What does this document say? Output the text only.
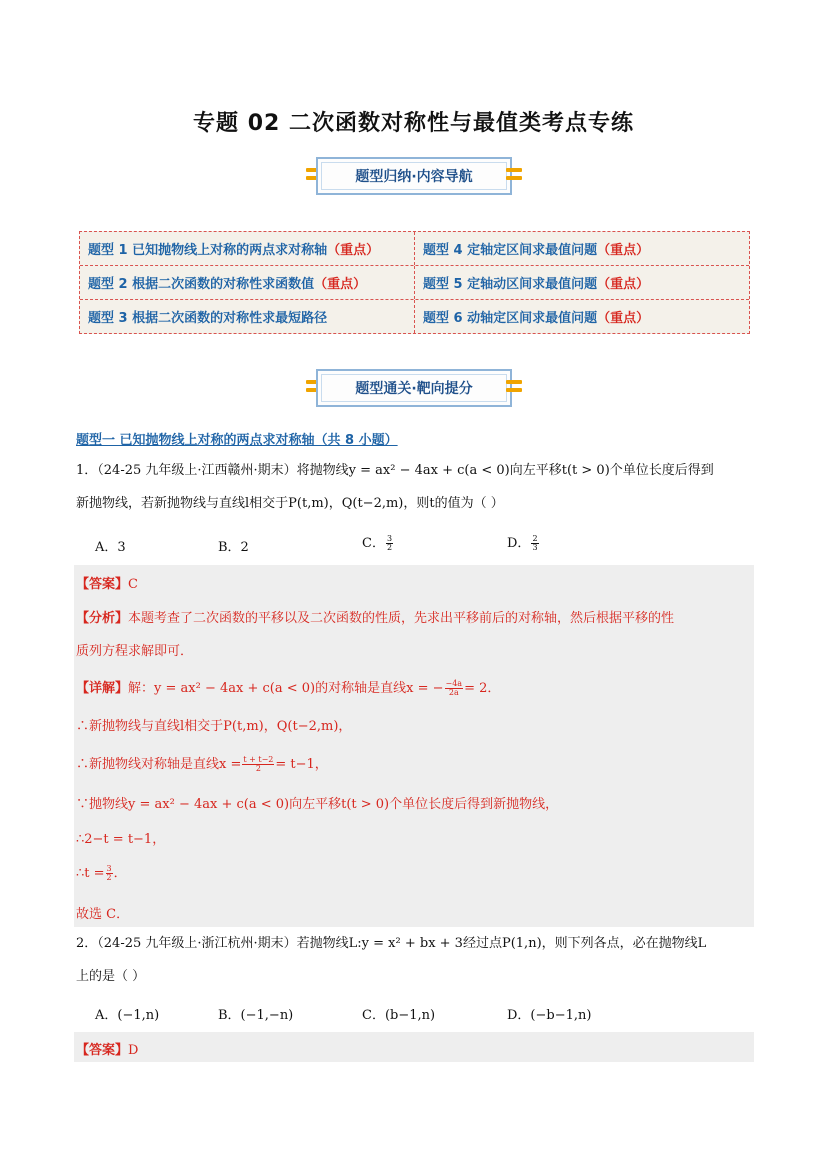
专题 02 二次函数对称性与最值类考点专练
题型归纳·内容导航
题型 1 已知抛物线上对称的两点求对称轴 （重点）	题型 4 定轴定区间求最值问题 （重点）
题型 2 根据二次函数的对称性求函数值 （重点）	题型 5 定轴动区间求最值问题 （重点）
题型 3 根据二次函数的对称性求最短路径	题型 6 动轴定区间求最值问题 （重点）
题型通关·靶向提分
题型一 已知抛物线上对称的两点求对称轴（共 8 小题）
1．（24-25 九年级上·江西赣州·期末）将抛物线y = ax² − 4ax + c(a < 0)向左平移t(t > 0)个单位长度后得到
新抛物线，若新抛物线与直线l相交于P(t,m)，Q(t−2,m)，则t的值为（ ）
A．3	B．2	C． $\frac{3}{2}$	D． $\frac{2}{3}$
【答案】C
【分析】本题考查了二次函数的平移以及二次函数的性质，先求出平移前后的对称轴，然后根据平移的性
质列方程求解即可．
【详解】解：y = ax² − 4ax + c(a < 0)的对称轴是直线x = − $\frac{-4a}{2a} = 2$．
∴新抛物线与直线l相交于P(t,m)，Q(t−2,m)，
∴新抛物线对称轴是直线$x = \frac{t + t-2}{2} = t-1$，
∵抛物线y = ax² − 4ax + c(a < 0)向左平移t(t > 0)个单位长度后得到新抛物线，
∴2−t = t−1，
∴t = $\frac{3}{2}$ ．
故选 C．
2．（24-25 九年级上·浙江杭州·期末）若抛物线L:y = x² + bx + 3经过点P(1,n)，则下列各点，必在抛物线L
上的是（ ）
A．(−1,n)	B．(−1,−n)	C．(b−1,n)	D．(−b−1,n)
【答案】D
